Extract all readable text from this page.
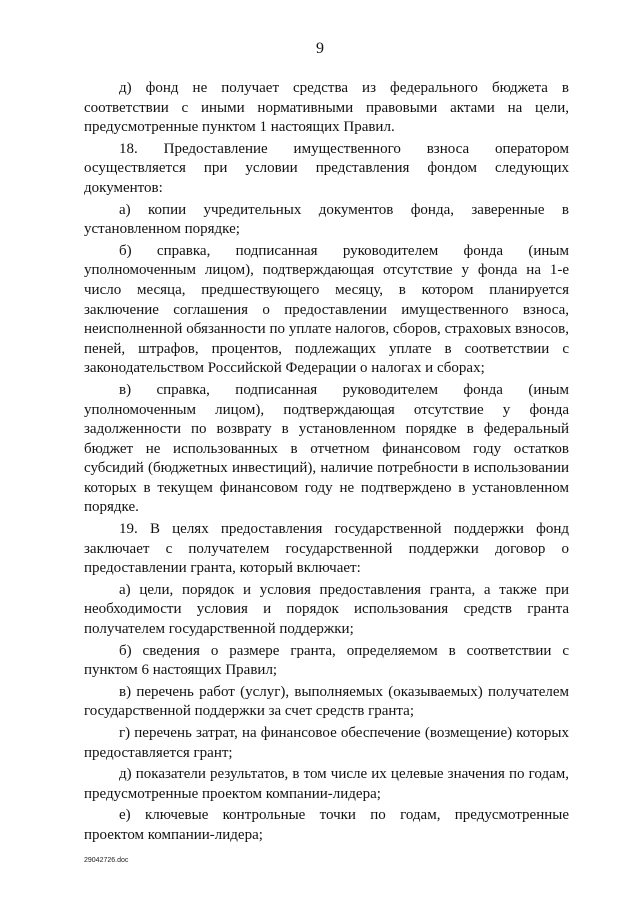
9

д) фонд не получает средства из федерального бюджета в соответствии с иными нормативными правовыми актами на цели, предусмотренные пунктом 1 настоящих Правил.

18. Предоставление имущественного взноса оператором осуществляется при условии представления фондом следующих документов:

а) копии учредительных документов фонда, заверенные в установленном порядке;

б) справка, подписанная руководителем фонда (иным уполномоченным лицом), подтверждающая отсутствие у фонда на 1-е число месяца, предшествующего месяцу, в котором планируется заключение соглашения о предоставлении имущественного взноса, неисполненной обязанности по уплате налогов, сборов, страховых взносов, пеней, штрафов, процентов, подлежащих уплате в соответствии с законодательством Российской Федерации о налогах и сборах;

в) справка, подписанная руководителем фонда (иным уполномоченным лицом), подтверждающая отсутствие у фонда задолженности по возврату в установленном порядке в федеральный бюджет не использованных в отчетном финансовом году остатков субсидий (бюджетных инвестиций), наличие потребности в использовании которых в текущем финансовом году не подтверждено в установленном порядке.

19. В целях предоставления государственной поддержки фонд заключает с получателем государственной поддержки договор о предоставлении гранта, который включает:

а) цели, порядок и условия предоставления гранта, а также при необходимости условия и порядок использования средств гранта получателем государственной поддержки;

б) сведения о размере гранта, определяемом в соответствии с пунктом 6 настоящих Правил;

в) перечень работ (услуг), выполняемых (оказываемых) получателем государственной поддержки за счет средств гранта;

г) перечень затрат, на финансовое обеспечение (возмещение) которых предоставляется грант;

д) показатели результатов, в том числе их целевые значения по годам, предусмотренные проектом компании-лидера;

е) ключевые контрольные точки по годам, предусмотренные проектом компании-лидера;

29042726.doc
